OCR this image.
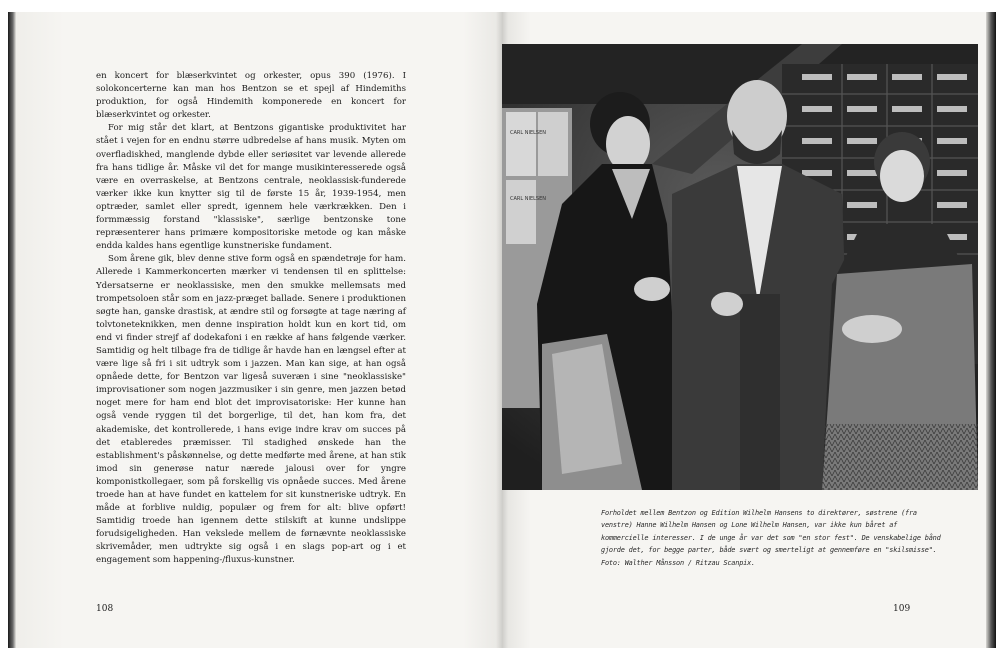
en koncert for blæserkvintet og orkester, opus 390 (1976). I solokoncerterne kan man hos Bentzon se et spejl af Hindemiths produktion, for også Hindemith komponerede en koncert for blæserkvintet og orkester.

For mig står det klart, at Bentzons gigantiske produktivitet har stået i vejen for en endnu større udbredelse af hans musik. Myten om overfladiskhed, manglende dybde eller seriøsitet var levende allerede fra hans tidlige år. Måske vil det for mange musikinteresserede også være en overraskelse, at Bentzons centrale, neoklassisk-funderede værker ikke kun knytter sig til de første 15 år, 1939-1954, men optræder, samlet eller spredt, igennem hele værkrækken. Den i formmæssig forstand "klassiske", særlige bentzonske tone repræsenterer hans primære kompositoriske metode og kan måske endda kaldes hans egentlige kunstneriske fundament.

Som årene gik, blev denne stive form også en spændetrøje for ham. Allerede i Kammerkoncerten mærker vi tendensen til en splittelse: Ydersatserne er neoklassiske, men den smukke mellemsats med trompetsoloen står som en jazz-præget ballade. Senere i produktionen søgte han, ganske drastisk, at ændre stil og forsøgte at tage næring af tolvtoneteknikken, men denne inspiration holdt kun en kort tid, om end vi finder strejf af dodekafoni i en række af hans følgende værker. Samtidig og helt tilbage fra de tidlige år havde han en længsel efter at være lige så fri i sit udtryk som i jazzen. Man kan sige, at han også opnåede dette, for Bentzon var ligeså suveræn i sine "neoklassiske" improvisationer som nogen jazzmusiker i sin genre, men jazzen betød noget mere for ham end blot det improvisatoriske: Her kunne han også vende ryggen til det borgerlige, til det, han kom fra, det akademiske, det kontrollerede, i hans evige indre krav om succes på det etableredes præmisser. Til stadighed ønskede han the establishment's påskønnelse, og dette medførte med årene, at han stik imod sin generøse natur nærede jalousi over for yngre komponistkollegaer, som på forskellig vis opnåede succes. Med årene troede han at have fundet en kattelem for sit kunstneriske udtryk. En måde at forblive nuldig, populær og frem for alt: blive opført! Samtidig troede han igennem dette stilskift at kunne undslippe forudsigeligheden. Han vekslede mellem de førnævnte neoklassiske skrivemåder, men udtrykte sig også i en slags pop-art og i et engagement som happening-/fluxus-kunstner.

108
CARL NIELSEN
CARL NIELSEN
Forholdet mellem Bentzon og Edition Wilhelm Hansens to direktører, søstrene (fra
venstre) Hanne Wilhelm Hansen og Lone Wilhelm Hansen, var ikke kun båret af
kommercielle interesser. I de unge år var det som "en stor fest". De venskabelige bånd
gjorde det, for begge parter, både svært og smerteligt at gennemføre en "skilsmisse".
Foto: Walther Månsson / Ritzau Scanpix.
109
